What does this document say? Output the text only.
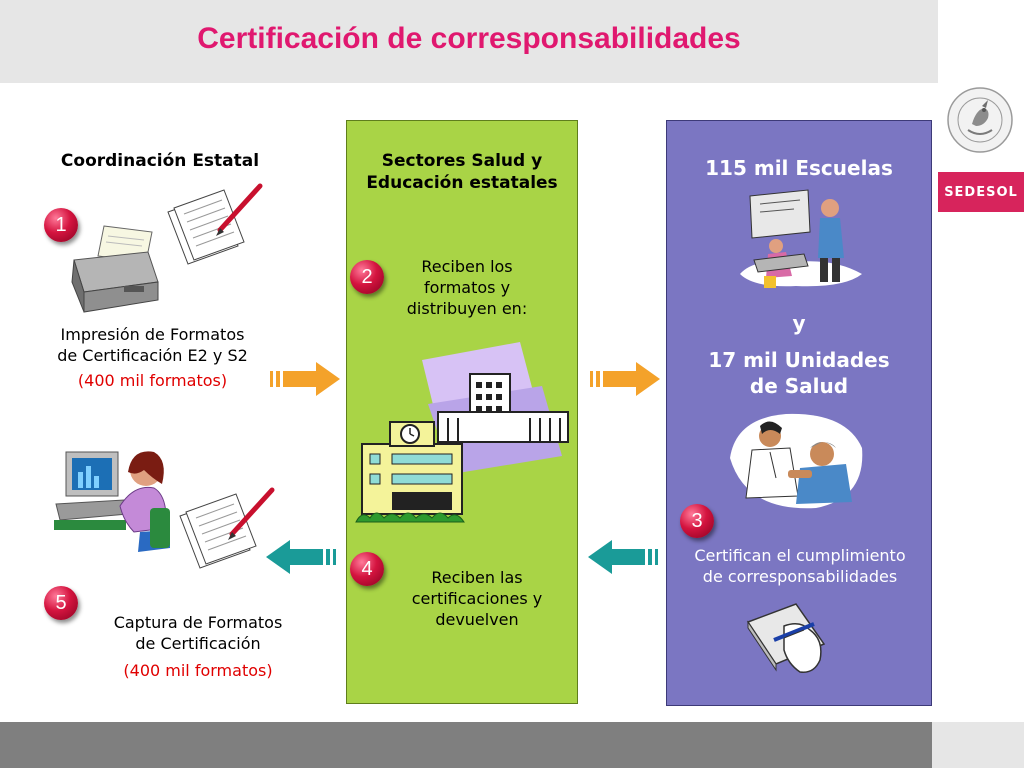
Certificación de corresponsabilidades
SEDESOL
Coordinación Estatal
1
Impresión de Formatos
de Certificación E2 y S2
(400 mil formatos)
5
Captura de Formatos
de Certificación
(400 mil formatos)
Sectores Salud y
Educación estatales
2	Reciben los
formatos y
distribuyen en:
4	Reciben las
certificaciones y
devuelven
115 mil Escuelas
y
17 mil Unidades
de Salud
3
Certifican el cumplimiento
de corresponsabilidades
